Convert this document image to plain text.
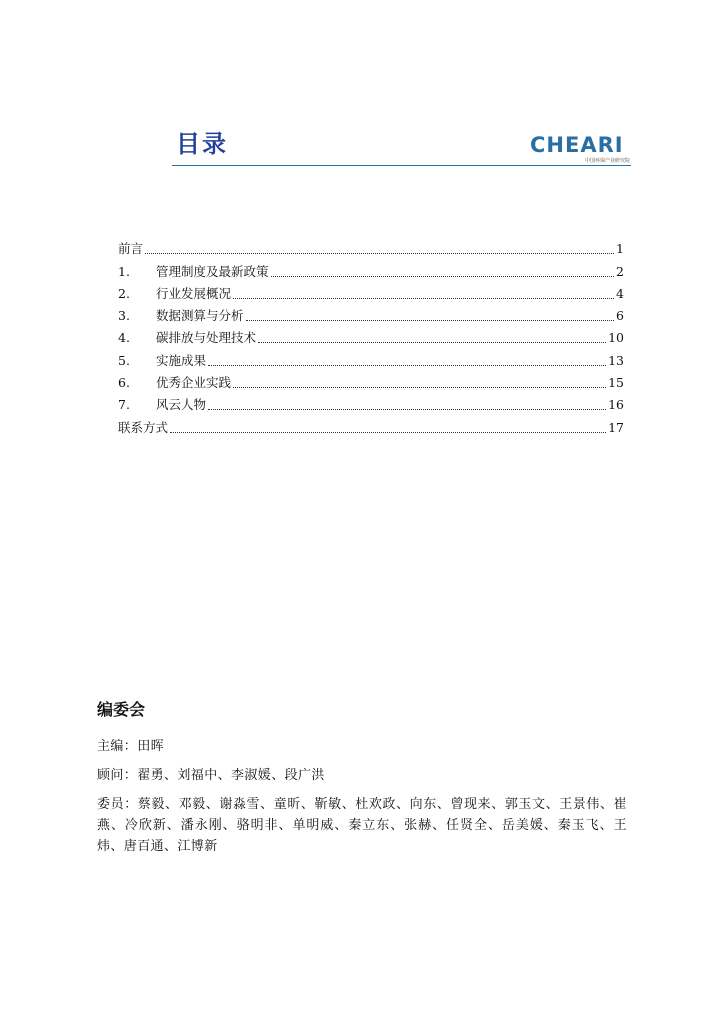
目录	CHEARI
中国环保产业研究院
前言	1
1.	管理制度及最新政策	2
2.	行业发展概况	4
3.	数据测算与分析	6
4.	碳排放与处理技术	10
5.	实施成果	13
6.	优秀企业实践	15
7.	风云人物	16
联系方式	17
编委会
主编：田晖
顾问：翟勇、刘福中、李淑媛、段广洪
委员：蔡毅、邓毅、谢淼雪、童昕、靳敏、杜欢政、向东、曾现来、郭玉文、王景伟、崔燕、冷欣新、潘永刚、骆明非、单明威、秦立东、张赫、任贤全、岳美媛、秦玉飞、王炜、唐百通、江博新
